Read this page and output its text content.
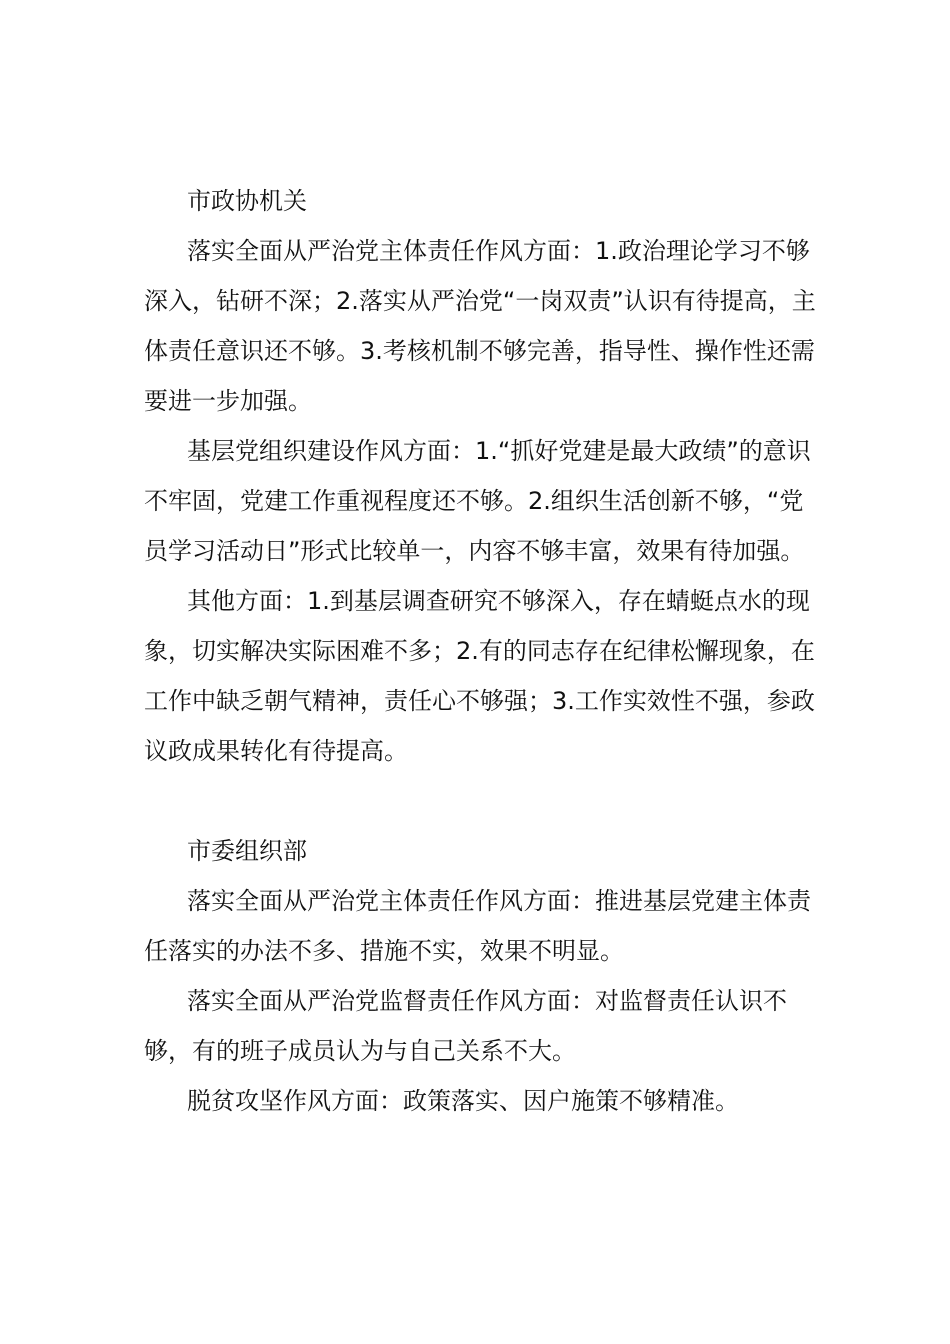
市政协机关

落实全面从严治党主体责任作风方面：1.政治理论学习不够深入，钻研不深；2.落实从严治党“一岗双责”认识有待提高，主体责任意识还不够。3.考核机制不够完善，指导性、操作性还需要进一步加强。

基层党组织建设作风方面：1.“抓好党建是最大政绩”的意识不牢固，党建工作重视程度还不够。2.组织生活创新不够，“党员学习活动日”形式比较单一，内容不够丰富，效果有待加强。

其他方面：1.到基层调查研究不够深入，存在蜻蜓点水的现象，切实解决实际困难不多；2.有的同志存在纪律松懈现象，在工作中缺乏朝气精神，责任心不够强；3.工作实效性不强，参政议政成果转化有待提高。

市委组织部

落实全面从严治党主体责任作风方面：推进基层党建主体责任落实的办法不多、措施不实，效果不明显。

落实全面从严治党监督责任作风方面：对监督责任认识不够，有的班子成员认为与自己关系不大。

脱贫攻坚作风方面：政策落实、因户施策不够精准。
